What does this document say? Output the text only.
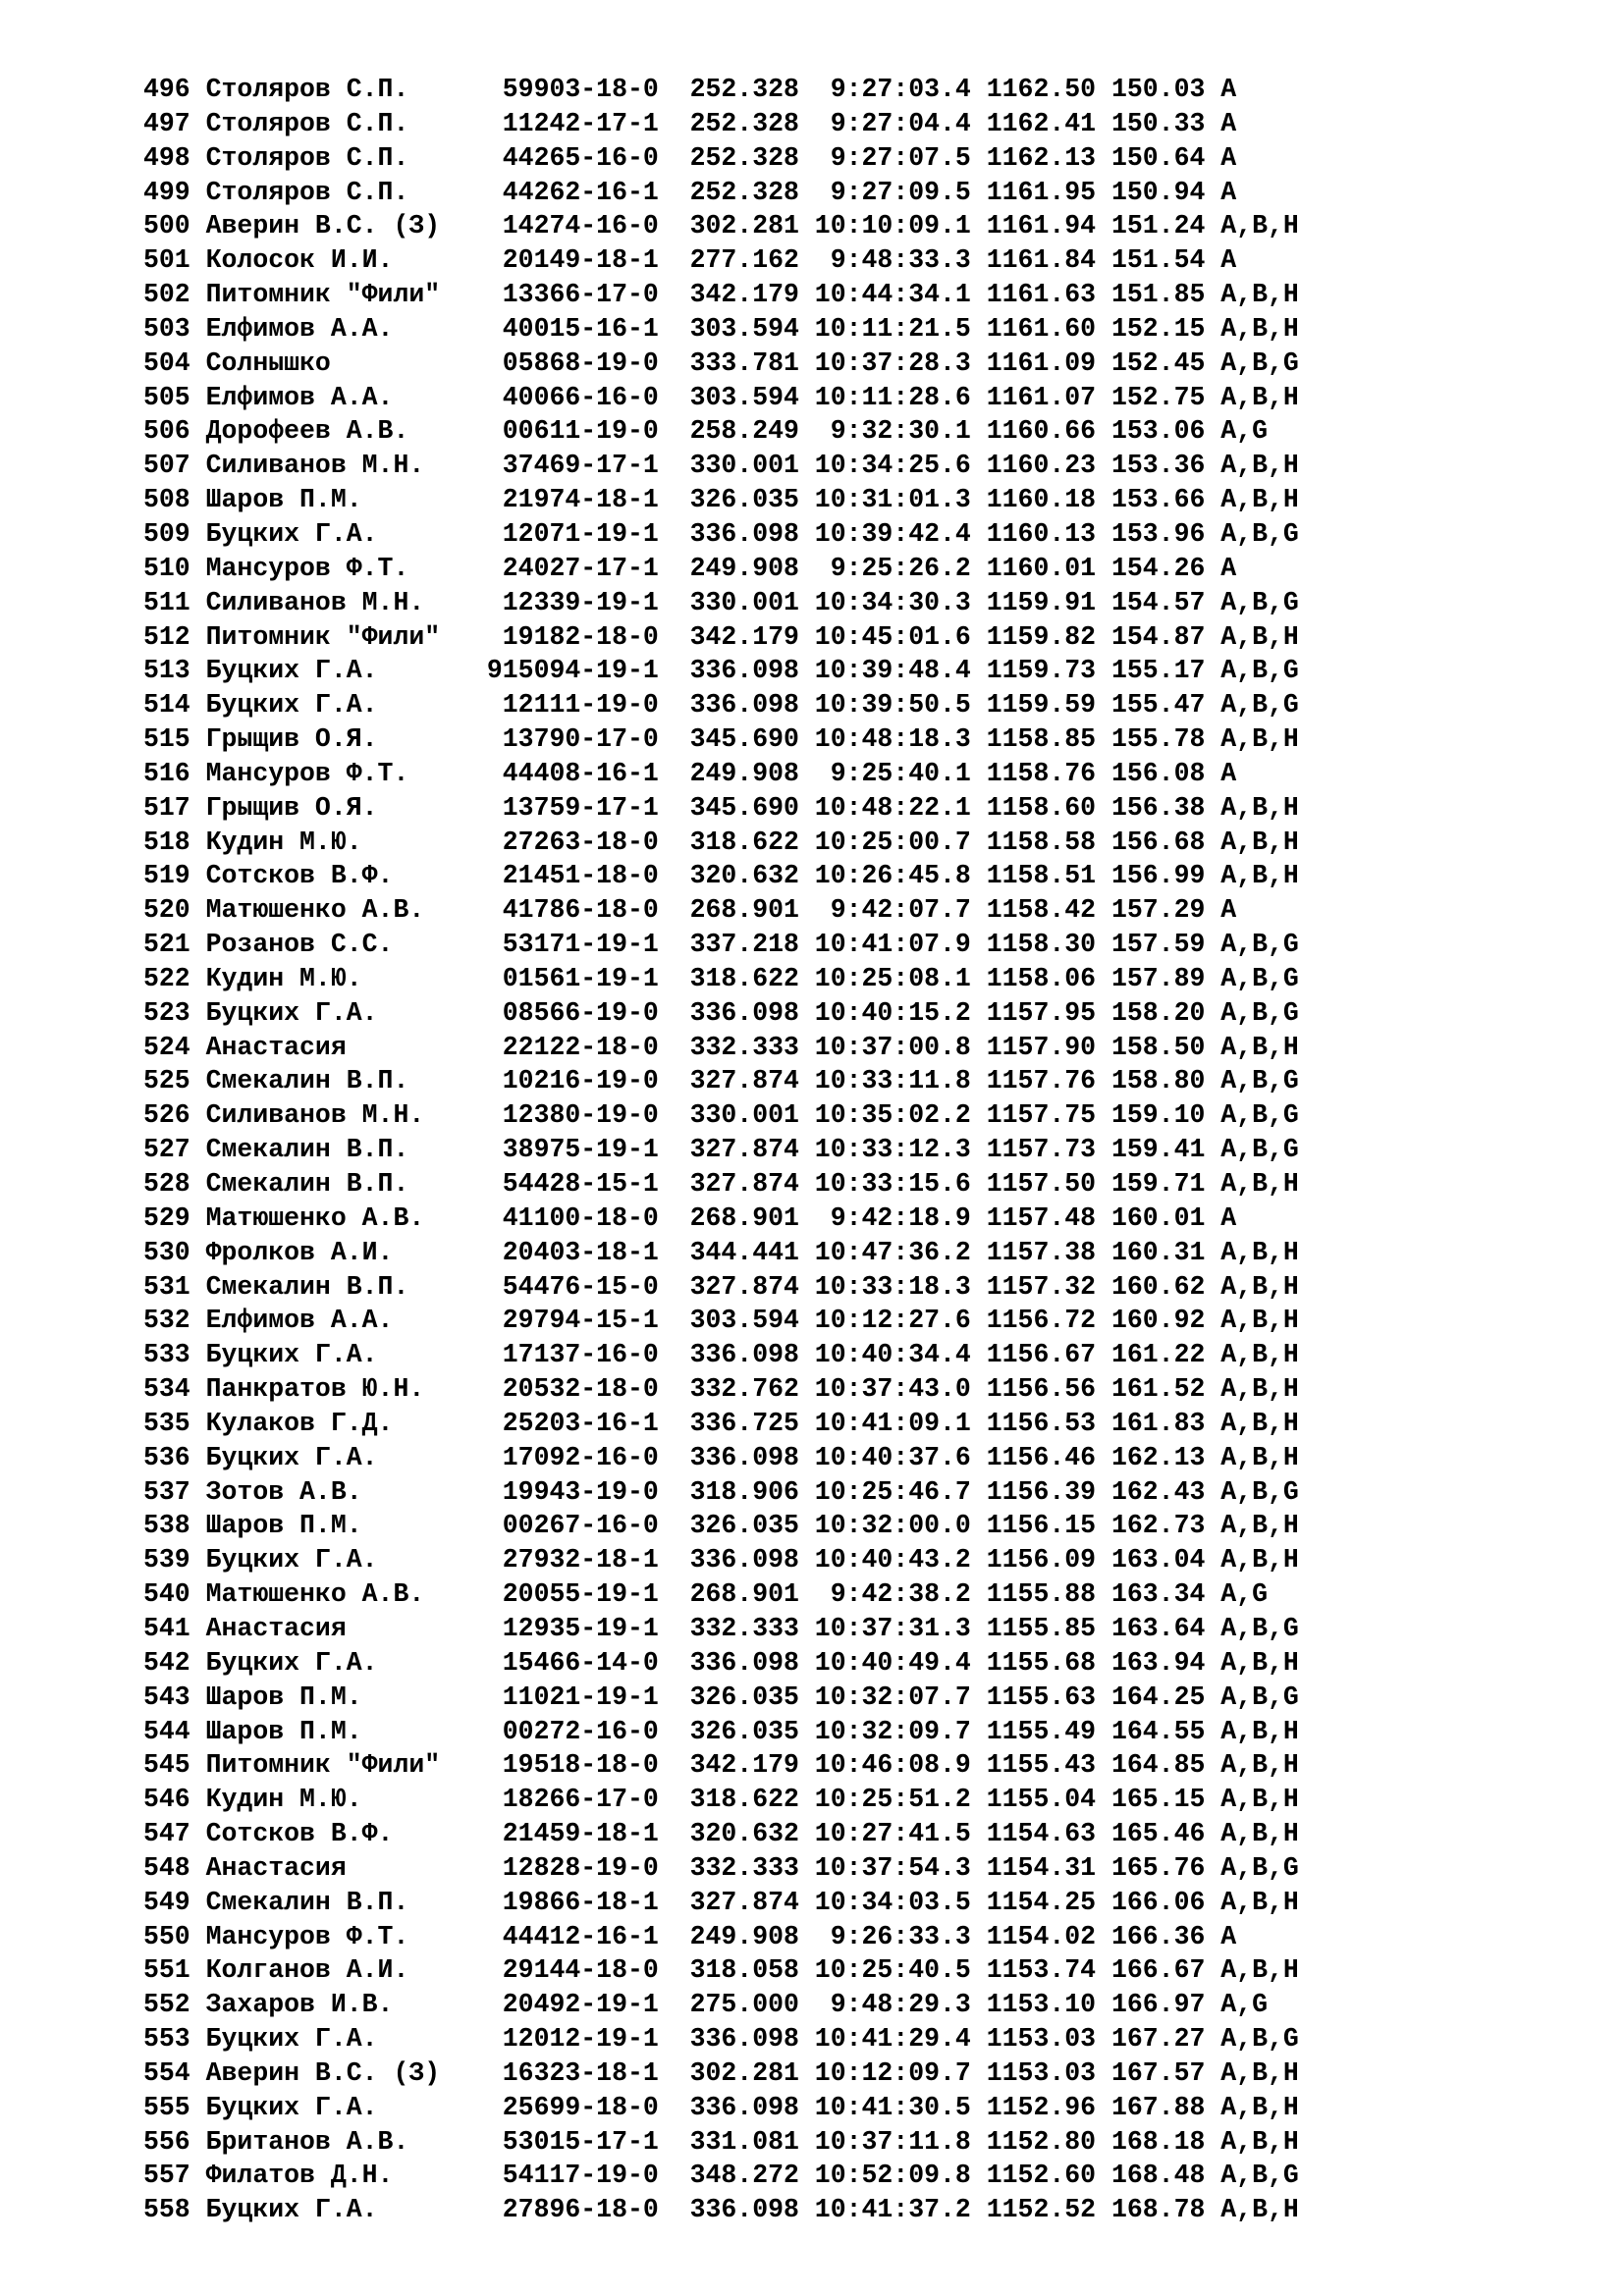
496 Столяров С.П.      59903-18-0  252.328  9:27:03.4 1162.50 150.03 A
497 Столяров С.П.      11242-17-1  252.328  9:27:04.4 1162.41 150.33 A
498 Столяров С.П.      44265-16-0  252.328  9:27:07.5 1162.13 150.64 A
499 Столяров С.П.      44262-16-1  252.328  9:27:09.5 1161.95 150.94 A
500 Аверин В.С. (З)    14274-16-0  302.281 10:10:09.1 1161.94 151.24 A,B,H
501 Колосок И.И.       20149-18-1  277.162  9:48:33.3 1161.84 151.54 A
502 Питомник "Фили"    13366-17-0  342.179 10:44:34.1 1161.63 151.85 A,B,H
503 Елфимов А.А.       40015-16-1  303.594 10:11:21.5 1161.60 152.15 A,B,H
504 Солнышко           05868-19-0  333.781 10:37:28.3 1161.09 152.45 A,B,G
505 Елфимов А.А.       40066-16-0  303.594 10:11:28.6 1161.07 152.75 A,B,H
506 Дорофеев А.В.      00611-19-0  258.249  9:32:30.1 1160.66 153.06 A,G
507 Силиванов М.Н.     37469-17-1  330.001 10:34:25.6 1160.23 153.36 A,B,H
508 Шаров П.М.         21974-18-1  326.035 10:31:01.3 1160.18 153.66 A,B,H
509 Буцких Г.А.        12071-19-1  336.098 10:39:42.4 1160.13 153.96 A,B,G
510 Мансуров Ф.Т.      24027-17-1  249.908  9:25:26.2 1160.01 154.26 A
511 Силиванов М.Н.     12339-19-1  330.001 10:34:30.3 1159.91 154.57 A,B,G
512 Питомник "Фили"    19182-18-0  342.179 10:45:01.6 1159.82 154.87 A,B,H
513 Буцких Г.А.       915094-19-1  336.098 10:39:48.4 1159.73 155.17 A,B,G
514 Буцких Г.А.        12111-19-0  336.098 10:39:50.5 1159.59 155.47 A,B,G
515 Грыщив О.Я.        13790-17-0  345.690 10:48:18.3 1158.85 155.78 A,B,H
516 Мансуров Ф.Т.      44408-16-1  249.908  9:25:40.1 1158.76 156.08 A
517 Грыщив О.Я.        13759-17-1  345.690 10:48:22.1 1158.60 156.38 A,B,H
518 Кудин М.Ю.         27263-18-0  318.622 10:25:00.7 1158.58 156.68 A,B,H
519 Сотсков В.Ф.       21451-18-0  320.632 10:26:45.8 1158.51 156.99 A,B,H
520 Матюшенко А.В.     41786-18-0  268.901  9:42:07.7 1158.42 157.29 A
521 Розанов С.С.       53171-19-1  337.218 10:41:07.9 1158.30 157.59 A,B,G
522 Кудин М.Ю.         01561-19-1  318.622 10:25:08.1 1158.06 157.89 A,B,G
523 Буцких Г.А.        08566-19-0  336.098 10:40:15.2 1157.95 158.20 A,B,G
524 Анастасия          22122-18-0  332.333 10:37:00.8 1157.90 158.50 A,B,H
525 Смекалин В.П.      10216-19-0  327.874 10:33:11.8 1157.76 158.80 A,B,G
526 Силиванов М.Н.     12380-19-0  330.001 10:35:02.2 1157.75 159.10 A,B,G
527 Смекалин В.П.      38975-19-1  327.874 10:33:12.3 1157.73 159.41 A,B,G
528 Смекалин В.П.      54428-15-1  327.874 10:33:15.6 1157.50 159.71 A,B,H
529 Матюшенко А.В.     41100-18-0  268.901  9:42:18.9 1157.48 160.01 A
530 Фролков А.И.       20403-18-1  344.441 10:47:36.2 1157.38 160.31 A,B,H
531 Смекалин В.П.      54476-15-0  327.874 10:33:18.3 1157.32 160.62 A,B,H
532 Елфимов А.А.       29794-15-1  303.594 10:12:27.6 1156.72 160.92 A,B,H
533 Буцких Г.А.        17137-16-0  336.098 10:40:34.4 1156.67 161.22 A,B,H
534 Панкратов Ю.Н.     20532-18-0  332.762 10:37:43.0 1156.56 161.52 A,B,H
535 Кулаков Г.Д.       25203-16-1  336.725 10:41:09.1 1156.53 161.83 A,B,H
536 Буцких Г.А.        17092-16-0  336.098 10:40:37.6 1156.46 162.13 A,B,H
537 Зотов А.В.         19943-19-0  318.906 10:25:46.7 1156.39 162.43 A,B,G
538 Шаров П.М.         00267-16-0  326.035 10:32:00.0 1156.15 162.73 A,B,H
539 Буцких Г.А.        27932-18-1  336.098 10:40:43.2 1156.09 163.04 A,B,H
540 Матюшенко А.В.     20055-19-1  268.901  9:42:38.2 1155.88 163.34 A,G
541 Анастасия          12935-19-1  332.333 10:37:31.3 1155.85 163.64 A,B,G
542 Буцких Г.А.        15466-14-0  336.098 10:40:49.4 1155.68 163.94 A,B,H
543 Шаров П.М.         11021-19-1  326.035 10:32:07.7 1155.63 164.25 A,B,G
544 Шаров П.М.         00272-16-0  326.035 10:32:09.7 1155.49 164.55 A,B,H
545 Питомник "Фили"    19518-18-0  342.179 10:46:08.9 1155.43 164.85 A,B,H
546 Кудин М.Ю.         18266-17-0  318.622 10:25:51.2 1155.04 165.15 A,B,H
547 Сотсков В.Ф.       21459-18-1  320.632 10:27:41.5 1154.63 165.46 A,B,H
548 Анастасия          12828-19-0  332.333 10:37:54.3 1154.31 165.76 A,B,G
549 Смекалин В.П.      19866-18-1  327.874 10:34:03.5 1154.25 166.06 A,B,H
550 Мансуров Ф.Т.      44412-16-1  249.908  9:26:33.3 1154.02 166.36 A
551 Колганов А.И.      29144-18-0  318.058 10:25:40.5 1153.74 166.67 A,B,H
552 Захаров И.В.       20492-19-1  275.000  9:48:29.3 1153.10 166.97 A,G
553 Буцких Г.А.        12012-19-1  336.098 10:41:29.4 1153.03 167.27 A,B,G
554 Аверин В.С. (З)    16323-18-1  302.281 10:12:09.7 1153.03 167.57 A,B,H
555 Буцких Г.А.        25699-18-0  336.098 10:41:30.5 1152.96 167.88 A,B,H
556 Британов А.В.      53015-17-1  331.081 10:37:11.8 1152.80 168.18 A,B,H
557 Филатов Д.Н.       54117-19-0  348.272 10:52:09.8 1152.60 168.48 A,B,G
558 Буцких Г.А.        27896-18-0  336.098 10:41:37.2 1152.52 168.78 A,B,H
